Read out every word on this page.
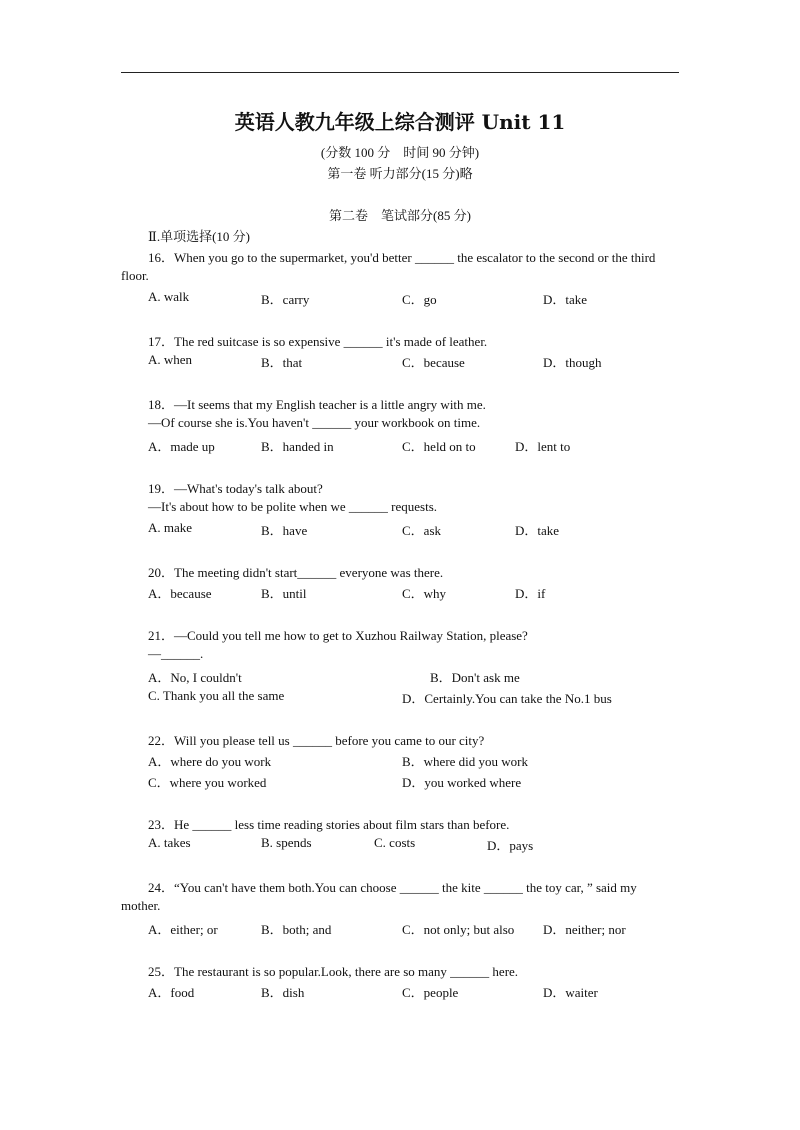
英语人教九年级上综合测评 Unit 11
(分数 100 分　时间 90 分钟)
第一卷 听力部分(15 分)略
第二卷　笔试部分(85 分)
Ⅱ.单项选择(10 分)
16．When you go to the supermarket, you'd better ______ the escalator to the second or the third
floor.
A. walk	B．carry	C．go	D．take
17．The red suitcase is so expensive ______ it's made of leather.
A. when	B．that	C．because	D．though
18．—It seems that my English teacher is a little angry with me.
—Of course she is.You haven't ______ your workbook on time.
A．made up	B．handed in	C．held on to	D．lent to
19．—What's today's talk about?
—It's about how to be polite when we ______ requests.
A. make	B．have	C．ask	D．take
20．The meeting didn't start______ everyone was there.
A．because	B．until	C．why	D．if
21．—Could you tell me how to get to Xuzhou Railway Station, please?
—______.
A．No, I couldn't	B．Don't ask me
C. Thank you all the same	D．Certainly.You can take the No.1 bus
22．Will you please tell us ______ before you came to our city?
A．where do you work	B．where did you work
C．where you worked	D．you worked where
23．He ______ less time reading stories about film stars than before.
A. takes	B. spends	C. costs	D．pays
24．“You can't have them both.You can choose ______ the kite ______ the toy car, ” said my
mother.
A．either; or	B．both; and	C．not only; but also D．neither; nor
25．The restaurant is so popular.Look, there are so many ______ here.
A．food	B．dish	C．people	D．waiter
